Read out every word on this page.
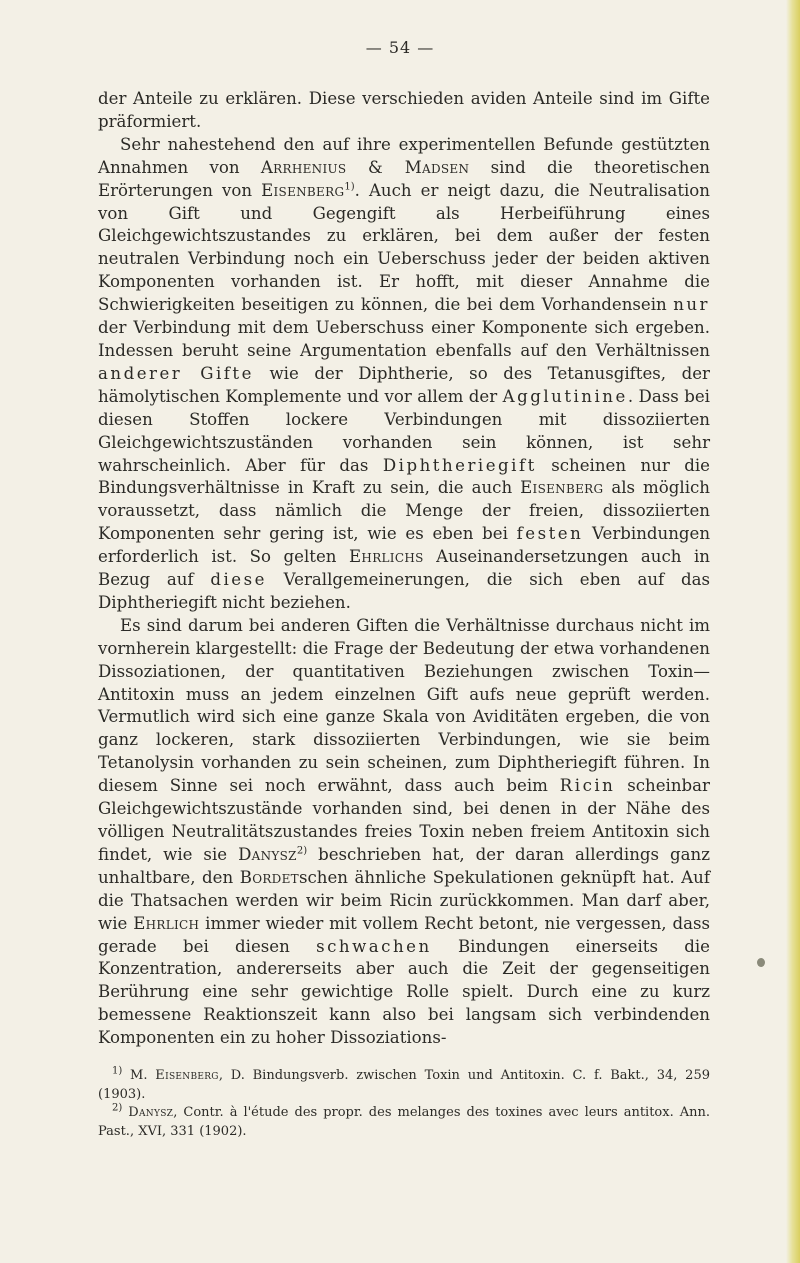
— 54 —

der Anteile zu erklären. Diese verschieden aviden Anteile sind im Gifte präformiert.

Sehr nahestehend den auf ihre experimentellen Befunde gestützten Annahmen von Arrhenius & Madsen sind die theoretischen Erörterungen von Eisenberg$^{1)}$. Auch er neigt dazu, die Neutralisation von Gift und Gegengift als Herbeiführung eines Gleichgewichtszustandes zu erklären, bei dem außer der festen neutralen Verbindung noch ein Ueberschuss jeder der beiden aktiven Komponenten vorhanden ist. Er hofft, mit dieser Annahme die Schwierigkeiten beseitigen zu können, die bei dem Vorhandensein nur der Verbindung mit dem Ueberschuss einer Komponente sich ergeben. Indessen beruht seine Argumentation ebenfalls auf den Verhältnissen anderer Gifte wie der Diphtherie, so des Tetanusgiftes, der hämolytischen Komplemente und vor allem der Agglutinine. Dass bei diesen Stoffen lockere Verbindungen mit dissoziierten Gleichgewichtszuständen vorhanden sein können, ist sehr wahrscheinlich. Aber für das Diphtheriegift scheinen nur die Bindungsverhältnisse in Kraft zu sein, die auch Eisenberg als möglich voraussetzt, dass nämlich die Menge der freien, dissoziierten Komponenten sehr gering ist, wie es eben bei festen Verbindungen erforderlich ist. So gelten Ehrlichs Auseinandersetzungen auch in Bezug auf diese Verallgemeinerungen, die sich eben auf das Diphtheriegift nicht beziehen.

Es sind darum bei anderen Giften die Verhältnisse durchaus nicht im vornherein klargestellt: die Frage der Bedeutung der etwa vorhandenen Dissoziationen, der quantitativen Beziehungen zwischen Toxin—Antitoxin muss an jedem einzelnen Gift aufs neue geprüft werden. Vermutlich wird sich eine ganze Skala von Aviditäten ergeben, die von ganz lockeren, stark dissoziierten Verbindungen, wie sie beim Tetanolysin vorhanden zu sein scheinen, zum Diphtheriegift führen. In diesem Sinne sei noch erwähnt, dass auch beim Ricin scheinbar Gleichgewichtszustände vorhanden sind, bei denen in der Nähe des völligen Neutralitätszustandes freies Toxin neben freiem Antitoxin sich findet, wie sie Danysz$^{2)}$ beschrieben hat, der daran allerdings ganz unhaltbare, den Bordetschen ähnliche Spekulationen geknüpft hat. Auf die Thatsachen werden wir beim Ricin zurückkommen. Man darf aber, wie Ehrlich immer wieder mit vollem Recht betont, nie vergessen, dass gerade bei diesen schwachen Bindungen einerseits die Konzentration, andererseits aber auch die Zeit der gegenseitigen Berührung eine sehr gewichtige Rolle spielt. Durch eine zu kurz bemessene Reaktionszeit kann also bei langsam sich verbindenden Komponenten ein zu hoher Dissoziations-

$^{1)}$ M. Eisenberg, D. Bindungsverb. zwischen Toxin und Antitoxin. C. f. Bakt., 34, 259 (1903).

$^{2)}$ Danysz, Contr. à l'étude des propr. des melanges des toxines avec leurs antitox. Ann. Past., XVI, 331 (1902).
